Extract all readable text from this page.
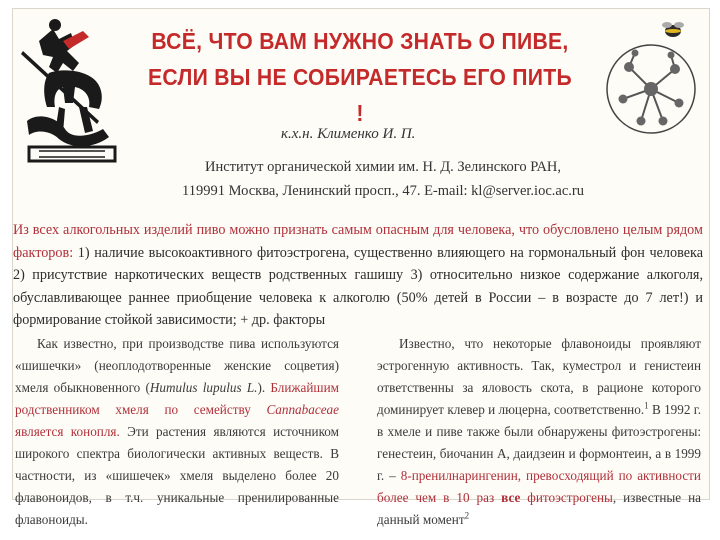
ВСЁ, ЧТО ВАМ НУЖНО ЗНАТЬ О ПИВЕ,
ЕСЛИ ВЫ НЕ СОБИРАЕТЕСЬ ЕГО ПИТЬ !
к.х.н. Клименко И. П.
Институт органической химии им. Н. Д. Зелинского РАН,
119991 Москва, Ленинский просп., 47. E-mail: kl@server.ioc.ac.ru
Из всех алкогольных изделий пиво можно признать самым опасным для человека, что обусловлено целым рядом факторов: 1) наличие высокоактивного фитоэстрогена, существенно влияющего на гормональный фон человека 2) присутствие наркотических веществ родственных гашишу 3) относительно низкое содержание алкоголя, обуславливающее раннее приобщение человека к алкоголю (50% детей в России – в возрасте до 7 лет!) и формирование стойкой зависимости; + др. факторы
Как известно, при производстве пива используются «шишечки» (неоплодотворенные женские соцветия) хмеля обыкновенного (Humulus lupulus L.). Ближайшим родственником хмеля по семейству Cannabaceae является конопля. Эти растения являются источником широкого спектра биологически активных веществ. В частности, из «шишечек» хмеля выделено более 20 флавоноидов, в т.ч. уникальные пренилированные флавоноиды.
Известно, что некоторые флавоноиды проявляют эстрогенную активность. Так, куместрол и генистеин ответственны за яловость скота, в рационе которого доминирует клевер и люцерна, соответственно.$^1$ В 1992 г. в хмеле и пиве также были обнаружены фитоэстрогены: генестеин, биочанин А, даидзеин и формонтеин, а в 1999 г. – 8-пренилнарингенин, превосходящий по активности более чем в 10 раз все фитоэстрогены, известные на данный момент$^2$
